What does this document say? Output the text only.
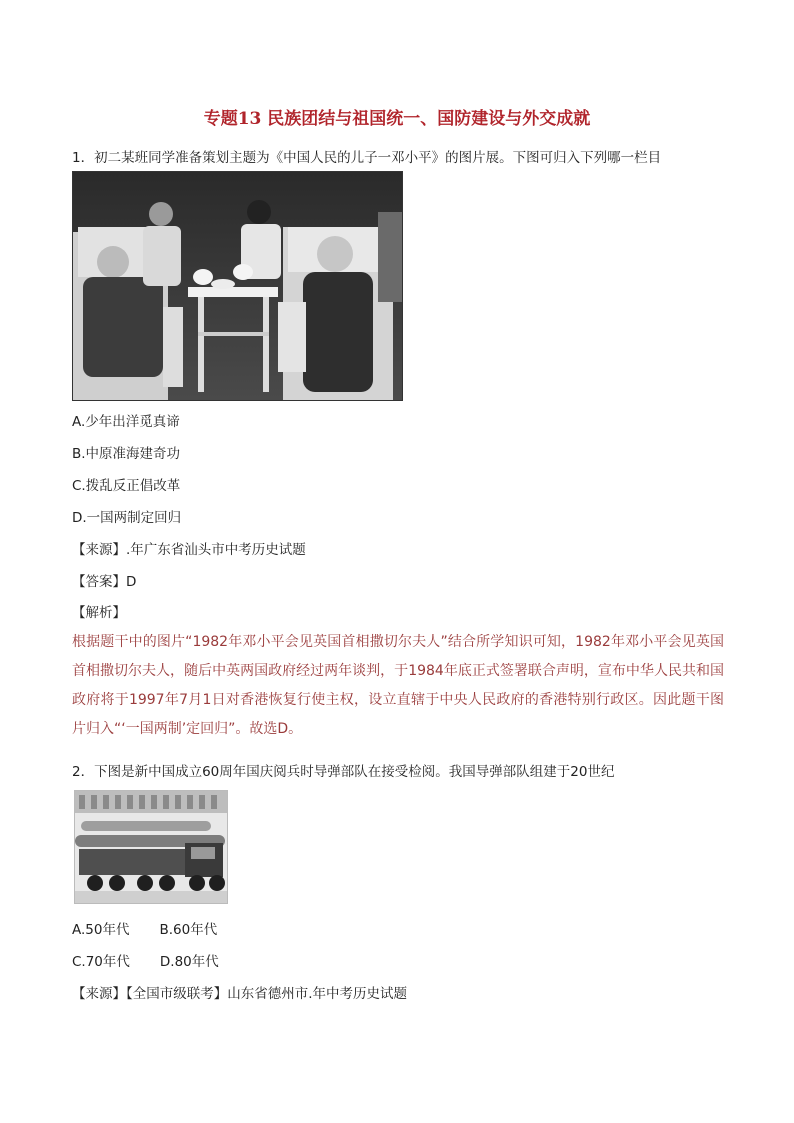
专题13 民族团结与祖国统一、国防建设与外交成就
1．初二某班同学准备策划主题为《中国人民的儿子一邓小平》的图片展。下图可归入下列哪一栏目
A.少年出洋觅真谛
B.中原准海建奇功
C.拨乱反正倡改革
D.一国两制定回归
【来源】.年广东省汕头市中考历史试题
【答案】D
【解析】
根据题干中的图片“1982年邓小平会见英国首相撒切尔夫人”结合所学知识可知，1982年邓小平会见英国首相撒切尔夫人，随后中英两国政府经过两年谈判，于1984年底正式签署联合声明，宣布中华人民共和国政府将于1997年7月1日对香港恢复行使主权，设立直辖于中央人民政府的香港特别行政区。因此题干图片归入“‘一国两制’定回归”。故选D。
2．下图是新中国成立60周年国庆阅兵时导弹部队在接受检阅。我国导弹部队组建于20世纪
A.50年代 B.60年代
C.70年代 D.80年代
【来源】【全国市级联考】山东省德州市.年中考历史试题
